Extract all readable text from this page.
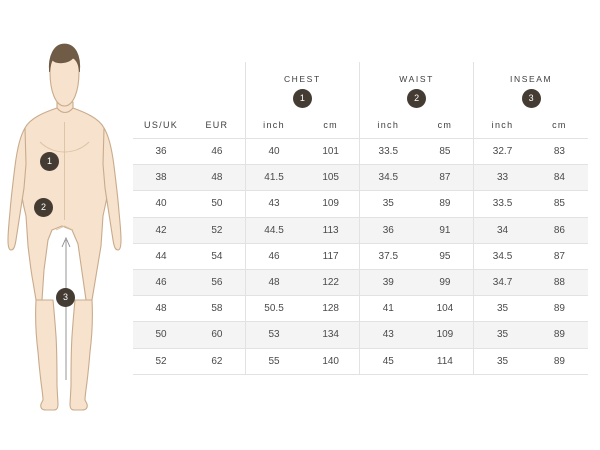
1
2
3
		CHEST		WAIST		INSEAM	
		1		2		3	
US/UK	EUR	inch	cm	inch	cm	inch	cm
36	46	40	101	33.5	85	32.7	83
38	48	41.5	105	34.5	87	33	84
40	50	43	109	35	89	33.5	85
42	52	44.5	113	36	91	34	86
44	54	46	117	37.5	95	34.5	87
46	56	48	122	39	99	34.7	88
48	58	50.5	128	41	104	35	89
50	60	53	134	43	109	35	89
52	62	55	140	45	114	35	89
